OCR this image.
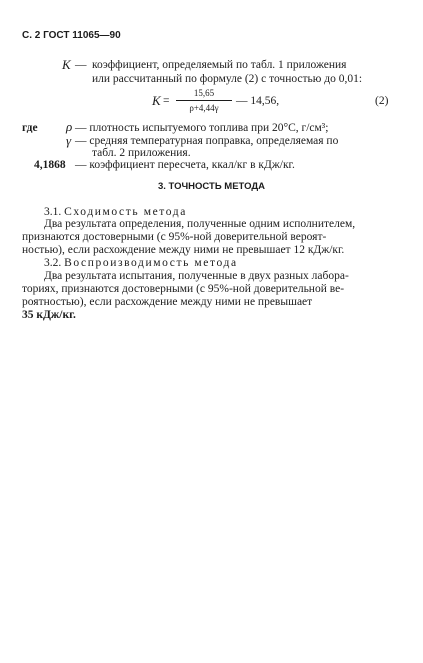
С. 2 ГОСТ 11065—90
K — коэффициент, определяемый по табл. 1 приложения
или рассчитанный по формуле (2) с точностью до 0,01:
K =
15,65
ρ+4,44γ
— 14,56,	(2)
где ρ — плотность испытуемого топлива при 20°С, г/см³;
γ — средняя температурная поправка, определяемая по
табл. 2 приложения.
4,1868 — коэффициент пересчета, ккал/кг в кДж/кг.
3. ТОЧНОСТЬ МЕТОДА
3.1. Сходимость метода
Два результата определения, полученные одним исполнителем,
признаются достоверными (с 95%-ной доверительной вероят-
ностью), если расхождение между ними не превышает 12 кДж/кг.
3.2. Воспроизводимость метода
Два результата испытания, полученные в двух разных лабора-
ториях, признаются достоверными (с 95%-ной доверительной ве-
роятностью), если расхождение между ними не превышает
35 кДж/кг.
